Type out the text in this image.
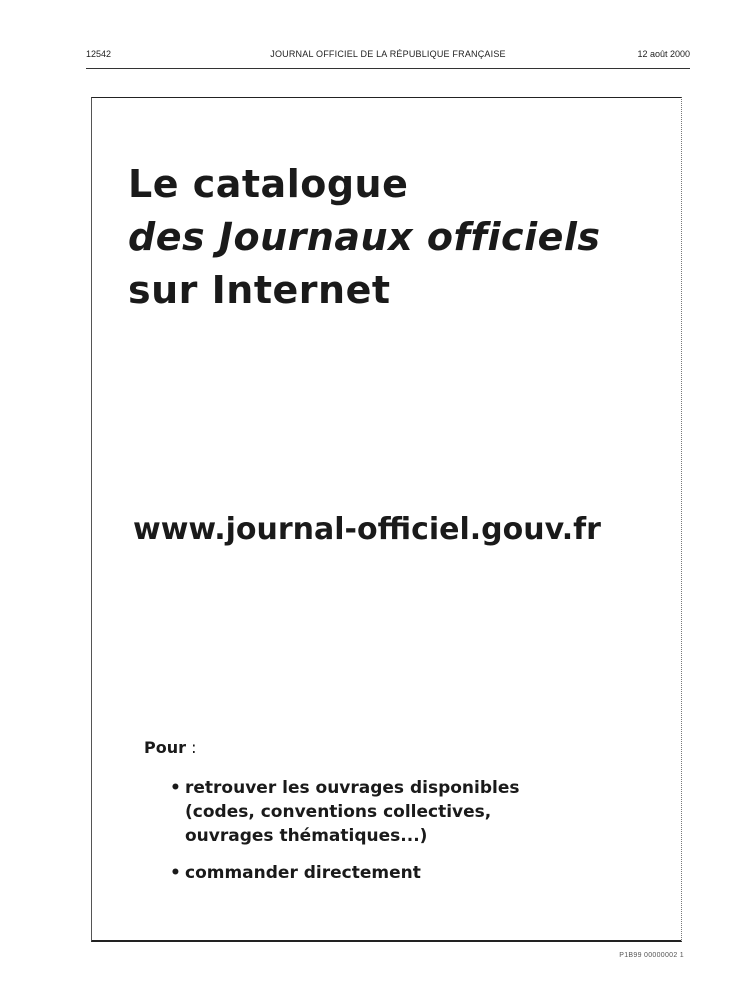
12542	JOURNAL OFFICIEL DE LA RÉPUBLIQUE FRANÇAISE	12 août 2000
Le catalogue
des Journaux officiels
sur Internet
www.journal-officiel.gouv.fr
Pour :
• retrouver les ouvrages disponibles
(codes, conventions collectives,
ouvrages thématiques...)
• commander directement
P1B99 00000002 1
